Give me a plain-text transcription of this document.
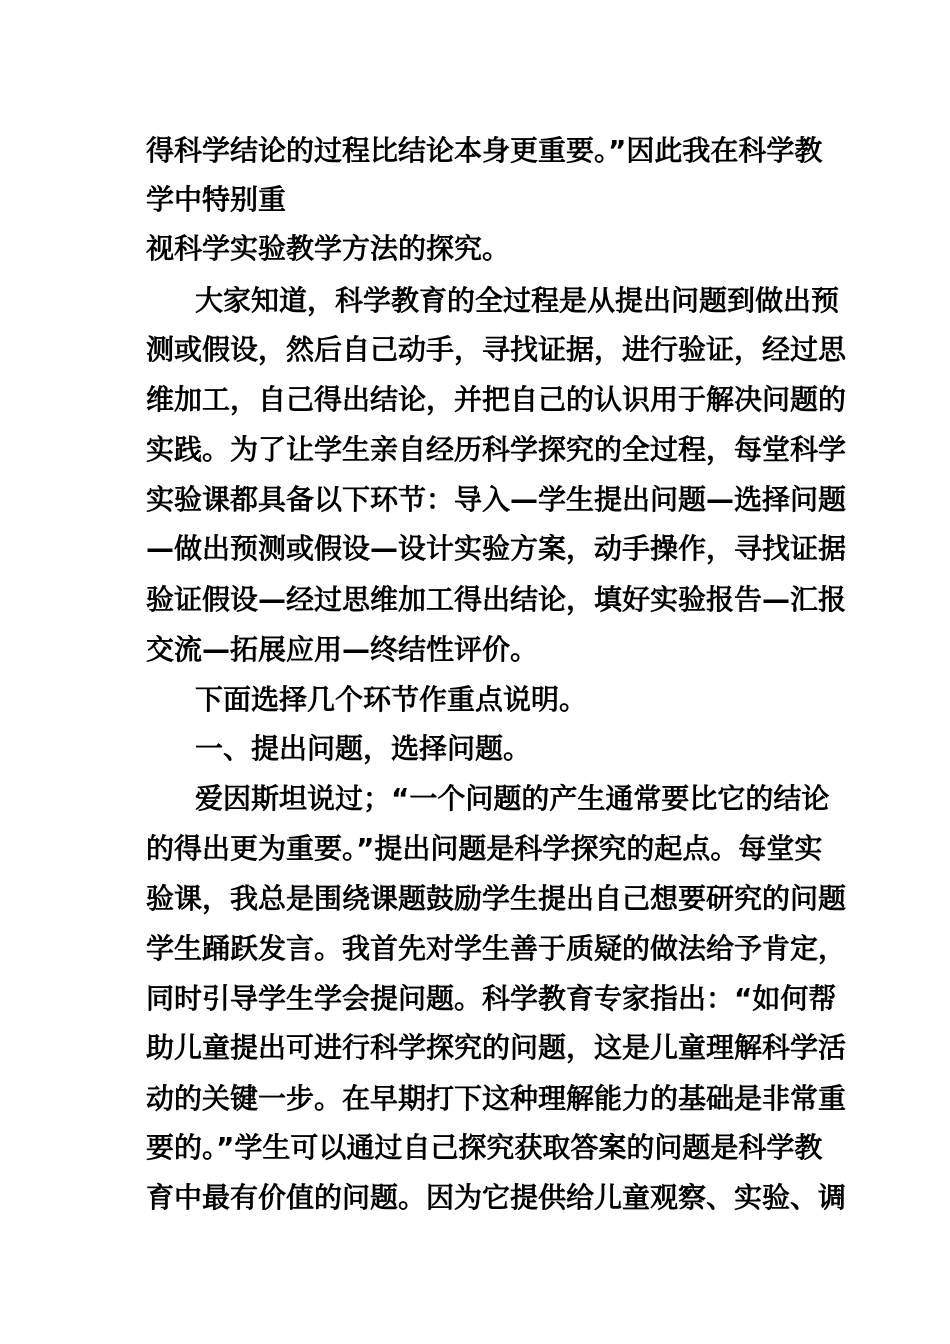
得科学结论的过程比结论本身更重要。”因此我在科学教
学中特别重
视科学实验教学方法的探究。
大家知道，科学教育的全过程是从提出问题到做出预
测或假设，然后自己动手，寻找证据，进行验证，经过思
维加工，自己得出结论，并把自己的认识用于解决问题的
实践。为了让学生亲自经历科学探究的全过程，每堂科学
实验课都具备以下环节：导入—学生提出问题—选择问题
—做出预测或假设—设计实验方案，动手操作，寻找证据
验证假设—经过思维加工得出结论，填好实验报告—汇报
交流—拓展应用—终结性评价。
下面选择几个环节作重点说明。
一、提出问题，选择问题。
爱因斯坦说过；“一个问题的产生通常要比它的结论
的得出更为重要。”提出问题是科学探究的起点。每堂实
验课，我总是围绕课题鼓励学生提出自己想要研究的问题
学生踊跃发言。我首先对学生善于质疑的做法给予肯定，
同时引导学生学会提问题。科学教育专家指出：“如何帮
助儿童提出可进行科学探究的问题，这是儿童理解科学活
动的关键一步。在早期打下这种理解能力的基础是非常重
要的。”学生可以通过自己探究获取答案的问题是科学教
育中最有价值的问题。因为它提供给儿童观察、实验、调
